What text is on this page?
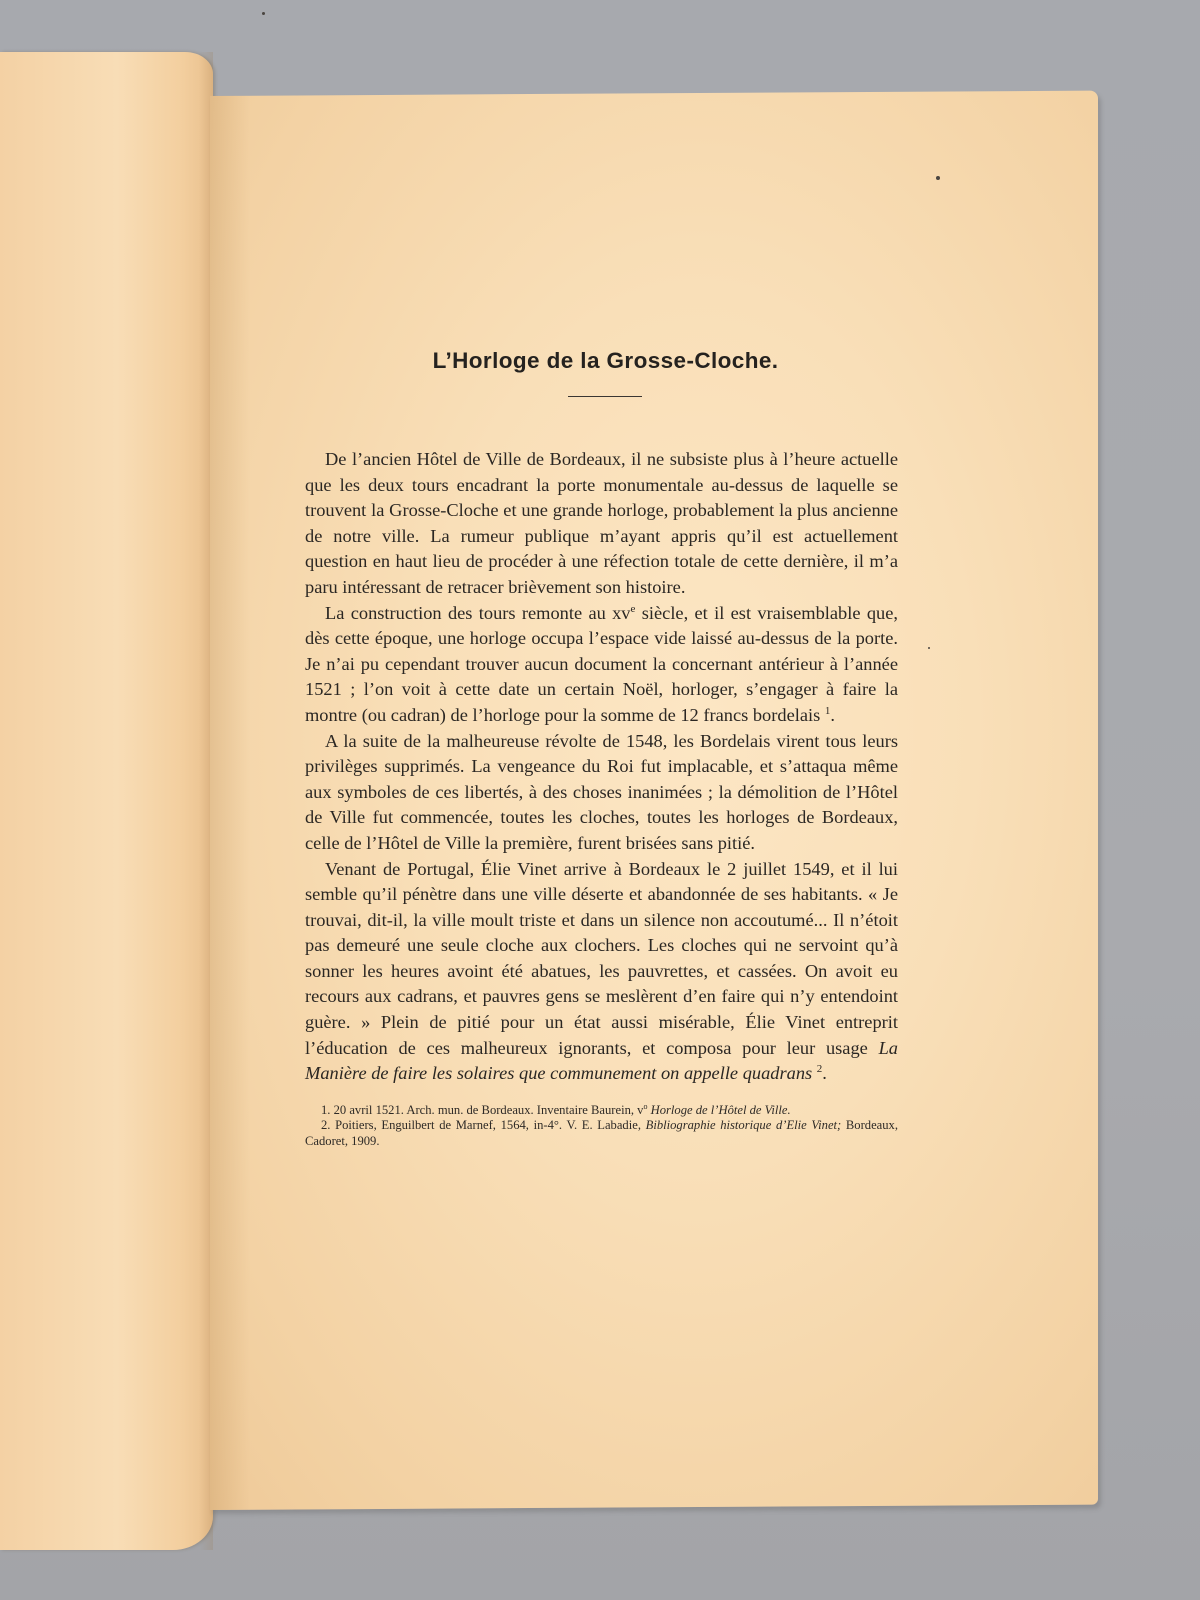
L’Horloge de la Grosse-Cloche.

De l’ancien Hôtel de Ville de Bordeaux, il ne subsiste plus à l’heure actuelle que les deux tours encadrant la porte monumentale au-dessus de laquelle se trouvent la Grosse-Cloche et une grande horloge, probablement la plus ancienne de notre ville. La rumeur publique m’ayant appris qu’il est actuellement question en haut lieu de procéder à une réfection totale de cette dernière, il m’a paru intéressant de retracer brièvement son histoire.

La construction des tours remonte au $xv^e$ siècle, et il est vraisemblable que, dès cette époque, une horloge occupa l’espace vide laissé au-dessus de la porte. Je n’ai pu cependant trouver aucun document la concernant antérieur à l’année 1521 ; l’on voit à cette date un certain Noël, horloger, s’engager à faire la montre (ou cadran) de l’horloge pour la somme de 12 francs bordelais $^1$.

A la suite de la malheureuse révolte de 1548, les Bordelais virent tous leurs privilèges supprimés. La vengeance du Roi fut implacable, et s’attaqua même aux symboles de ces libertés, à des choses inanimées ; la démolition de l’Hôtel de Ville fut commencée, toutes les cloches, toutes les horloges de Bordeaux, celle de l’Hôtel de Ville la première, furent brisées sans pitié.

Venant de Portugal, Élie Vinet arrive à Bordeaux le 2 juillet 1549, et il lui semble qu’il pénètre dans une ville déserte et abandonnée de ses habitants. « Je trouvai, dit-il, la ville moult triste et dans un silence non accoutumé... Il n’étoit pas demeuré une seule cloche aux clochers. Les cloches qui ne servoint qu’à sonner les heures avoint été abatues, les pauvrettes, et cassées. On avoit eu recours aux cadrans, et pauvres gens se meslèrent d’en faire qui n’y entendoint guère. » Plein de pitié pour un état aussi misérable, Élie Vinet entreprit l’éducation de ces malheureux ignorants, et composa pour leur usage La Manière de faire les solaires que communement on appelle quadrans $^2$.

1. 20 avril 1521. Arch. mun. de Bordeaux. Inventaire Baurein, $v^o$ Horloge de l’Hôtel de Ville.

2. Poitiers, Enguilbert de Marnef, 1564, in-4°. V. E. Labadie, Bibliographie historique d’Elie Vinet; Bordeaux, Cadoret, 1909.
